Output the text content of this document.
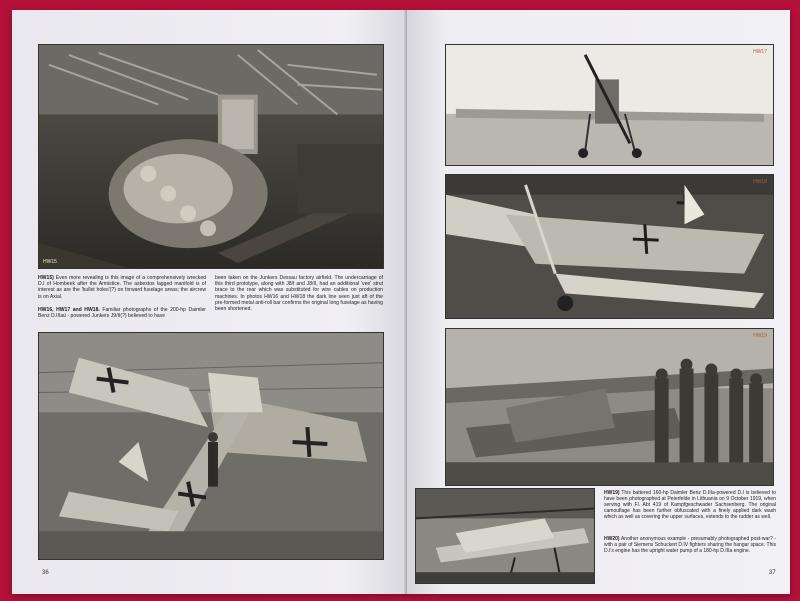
HW15
HW15) Even more revealing is this image of a comprehensively wrecked D.I of Hombeek after the Armistice. The asbestos lagged manifold is of interest as are the 'bullet holes'(?) on forward fuselage areas; the aircrew is on Axial.
HW16, HW17 and HW18. Familiar photographs of the 200-hp Daimler Benz D.IIIaü - powered Junkers J9/II(?) believed to have
been taken on the Junkers Dessau factory airfield. The undercarriage of this third prototype, along with J8/I and J8/II, had an additional 'vee' strut brace to the rear which was substituted for wire cables on production machines. In photos HW16 and HW18 the dark line seen just aft of the pre-formed metal anti-roll bar confirms the original long fuselage as having been shortened.
36
HW17
HW18
HW19
HW19) This battered 160-hp Daimler Benz D.IIIa-powered D.I is believed to have been photographed at Peterfelde in Lithuania on 9 October 1919, when serving with Fl. Abt 419 of Kampfgeschwader Sachsenberg. The original camouflage has been further obfuscated with a finely applied dark wash which as well as covering the upper surfaces, extends to the rudder as well.
HW20) Another anonymous example - presumably photographed post-war? - with a pair of Siemens Schuckert D.IV fighters sharing the hangar space. This D.I's engine has the upright water pump of a 180-hp D.IIIa engine.
37
